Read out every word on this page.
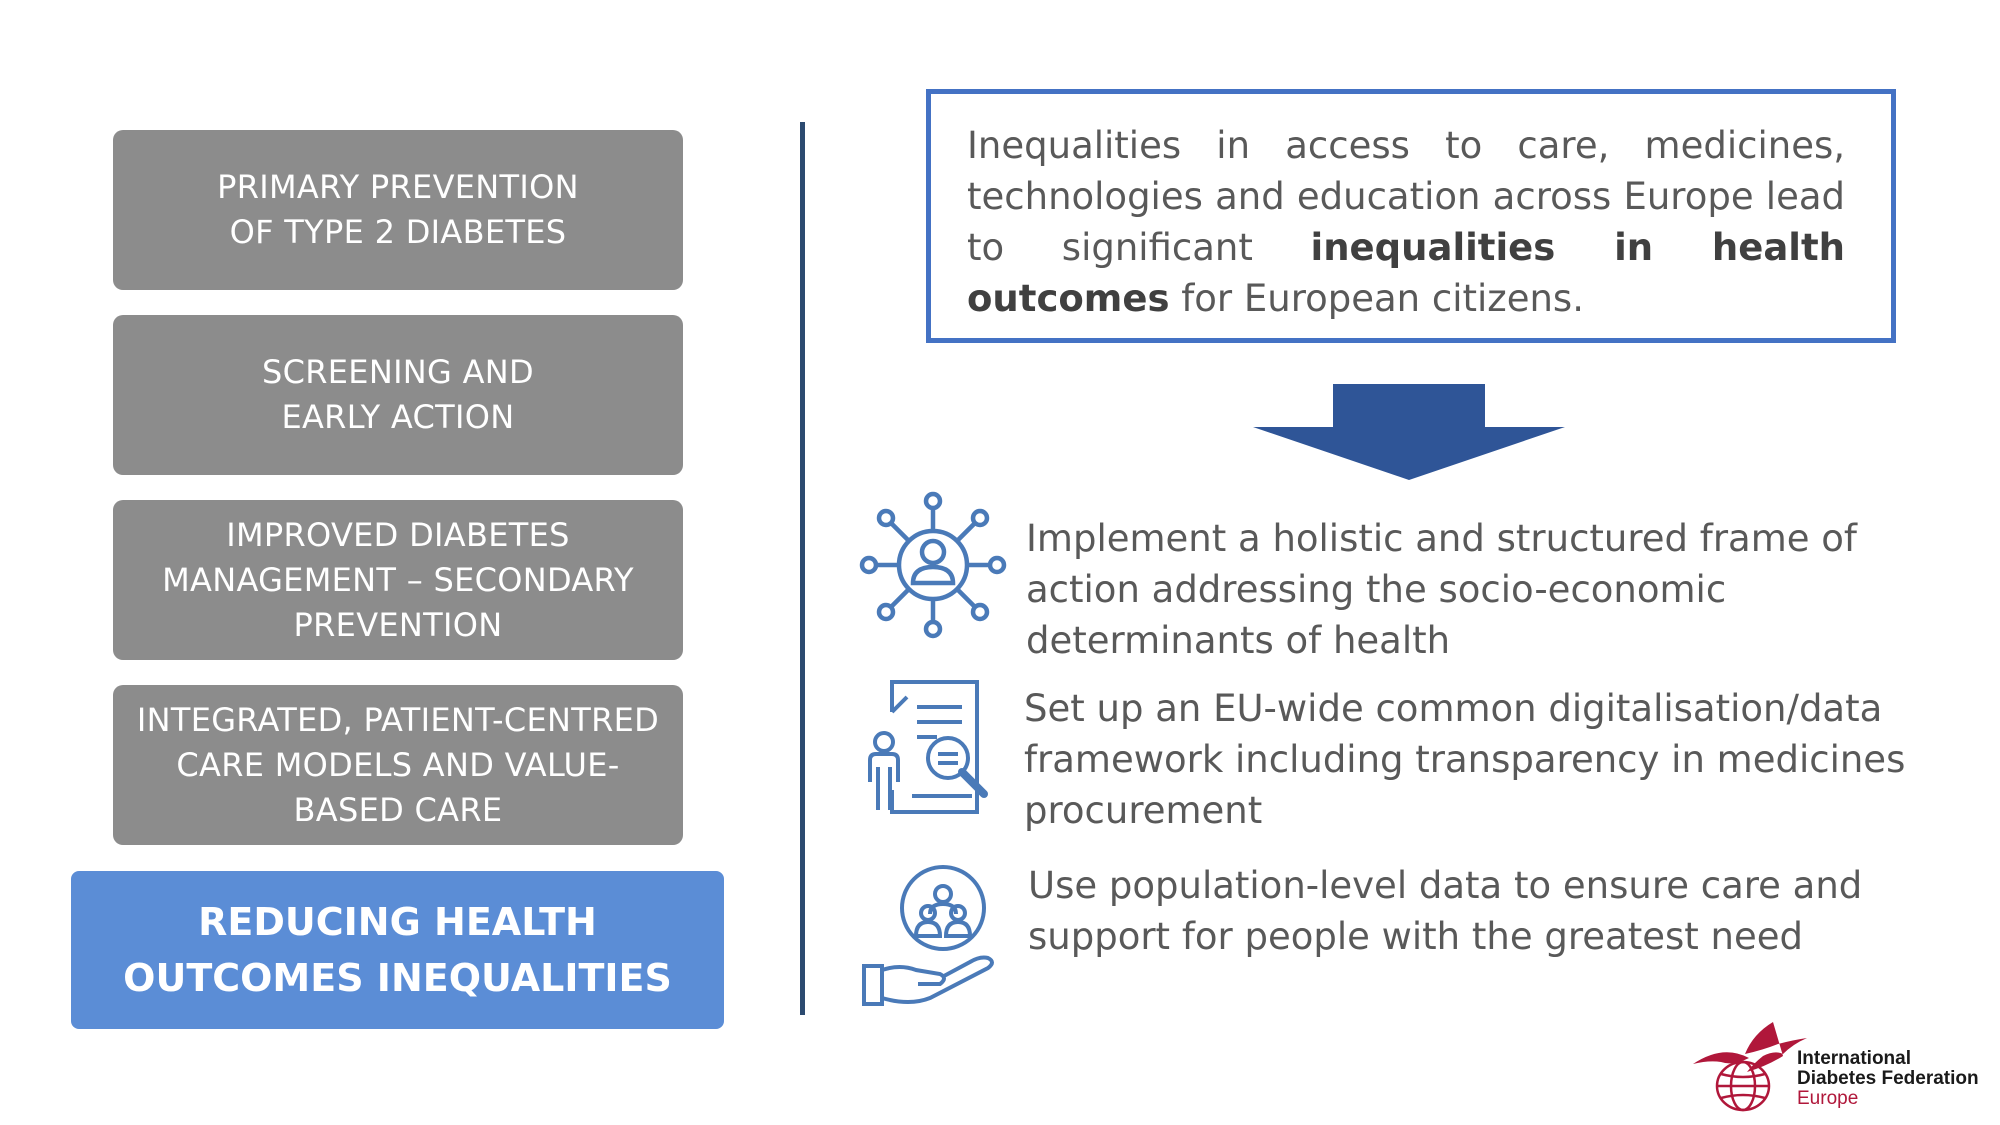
PRIMARY PREVENTION
OF TYPE 2 DIABETES
SCREENING AND
EARLY ACTION
IMPROVED DIABETES
MANAGEMENT – SECONDARY
PREVENTION
INTEGRATED, PATIENT-CENTRED
CARE MODELS AND VALUE-
BASED CARE
REDUCING HEALTH
OUTCOMES INEQUALITIES

Inequalities in access to care, medicines, technologies and education across Europe lead to significant inequalities in health outcomes for European citizens.

Implement a holistic and structured frame of action addressing the socio-economic determinants of health
Set up an EU-wide common digitalisation/data framework including transparency in medicines procurement
Use population-level data to ensure care and support for people with the greatest need
International
Diabetes Federation
Europe
